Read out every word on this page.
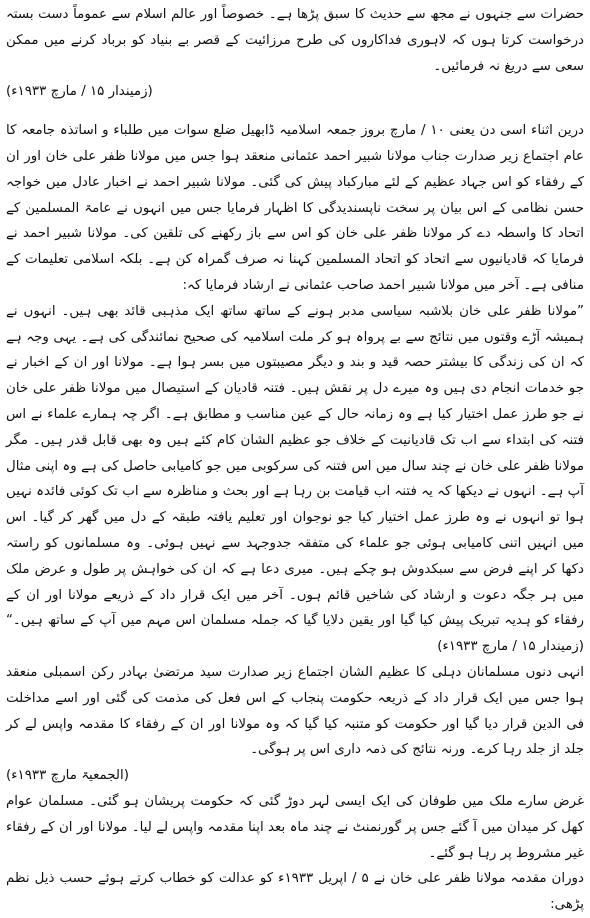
حضرات سے جنہوں نے مجھ سے حدیث کا سبق پڑھا ہے۔ خصوصاً اور عالم اسلام سے عموماً دست بستہ درخواست کرتا ہوں کہ لاہوری فداکاروں کی طرح مرزائیت کے قصر بے بنیاد کو برباد کرنے میں ممکن سعی سے دریغ نہ فرمائیں۔

(زمیندار ۱۵ / مارچ ۱۹۳۳ء)

درین اثناء اسی دن یعنی ۱۰ / مارچ بروز جمعہ اسلامیہ ڈابھیل ضلع سوات میں طلباء و اساتذہ جامعہ کا عام اجتماع زیر صدارت جناب مولانا شبیر احمد عثمانی منعقد ہوا جس میں مولانا ظفر علی خان اور ان کے رفقاء کو اس جہاد عظیم کے لئے مبارکباد پیش کی گئی۔ مولانا شبیر احمد نے اخبار عادل میں خواجہ حسن نظامی کے اس بیان پر سخت ناپسندیدگی کا اظہار فرمایا جس میں انہوں نے عامۃ المسلمین کے اتحاد کا واسطہ دے کر مولانا ظفر علی خان کو اس سے باز رکھنے کی تلقین کی۔ مولانا شبیر احمد نے فرمایا کہ قادیانیوں سے اتحاد کو اتحاد المسلمین کہنا نہ صرف گمراہ کن ہے۔ بلکہ اسلامی تعلیمات کے منافی ہے۔ آخر میں مولانا شبیر احمد صاحب عثمانی نے ارشاد فرمایا کہ:

”مولانا ظفر علی خان بلاشبہ سیاسی مدبر ہونے کے ساتھ ساتھ ایک مذہبی قائد بھی ہیں۔ انہوں نے ہمیشہ آڑے وقتوں میں نتائج سے بے پرواہ ہو کر ملت اسلامیہ کی صحیح نمائندگی کی ہے۔ یہی وجہ ہے کہ ان کی زندگی کا بیشتر حصہ قید و بند و دیگر مصیبتوں میں بسر ہوا ہے۔ مولانا اور ان کے اخبار نے جو خدمات انجام دی ہیں وہ میرے دل پر نقش ہیں۔ فتنہ قادیان کے استیصال میں مولانا ظفر علی خان نے جو طرز عمل اختیار کیا ہے وہ زمانہ حال کے عین مناسب و مطابق ہے۔ اگر چہ ہمارے علماء نے اس فتنہ کی ابتداء سے اب تک قادیانیت کے خلاف جو عظیم الشان کام کئے ہیں وہ بھی قابل قدر ہیں۔ مگر مولانا ظفر علی خان نے چند سال میں اس فتنہ کی سرکوبی میں جو کامیابی حاصل کی ہے وہ اپنی مثال آپ ہے۔ انہوں نے دیکھا کہ یہ فتنہ اب قیامت بن رہا ہے اور بحث و مناظرہ سے اب تک کوئی فائدہ نہیں ہوا تو انہوں نے وہ طرز عمل اختیار کیا جو نوجوان اور تعلیم یافتہ طبقہ کے دل میں گھر کر گیا۔ اس میں انہیں اتنی کامیابی ہوئی جو علماء کی متفقہ جدوجہد سے نہیں ہوئی۔ وہ مسلمانوں کو راستہ دکھا کر اپنے فرض سے سبکدوش ہو چکے ہیں۔ میری دعا ہے کہ ان کی خواہش پر طول و عرض ملک میں ہر جگہ دعوت و ارشاد کی شاخیں قائم ہوں۔ آخر میں ایک قرار داد کے ذریعے مولانا اور ان کے رفقاء کو ہدیہ تبریک پیش کیا گیا اور یقین دلایا گیا کہ جملہ مسلمان اس مہم میں آپ کے ساتھ ہیں۔“ (زمیندار ۱۵ / مارچ ۱۹۳۳ء)

انہی دنوں مسلمانان دہلی کا عظیم الشان اجتماع زیر صدارت سید مرتضیٰ بہادر رکن اسمبلی منعقد ہوا جس میں ایک قرار داد کے ذریعہ حکومت پنجاب کے اس فعل کی مذمت کی گئی اور اسے مداخلت فی الدین قرار دیا گیا اور حکومت کو متنبہ کیا گیا کہ وہ مولانا اور ان کے رفقاء کا مقدمہ واپس لے کر جلد از جلد رہا کرے۔ ورنہ نتائج کی ذمہ داری اس پر ہوگی۔

(الجمعیۃ مارچ ۱۹۳۳ء)

غرض سارے ملک میں طوفان کی ایک ایسی لہر دوڑ گئی کہ حکومت پریشان ہو گئی۔ مسلمان عوام کھل کر میدان میں آ گئے جس پر گورنمنٹ نے چند ماہ بعد اپنا مقدمہ واپس لے لیا۔ مولانا اور ان کے رفقاء غیر مشروط پر رہا ہو گئے۔

دوران مقدمہ مولانا ظفر علی خان نے ۵ / اپریل ۱۹۳۳ء کو عدالت کو خطاب کرتے ہوئے حسب ذیل نظم پڑھی:
